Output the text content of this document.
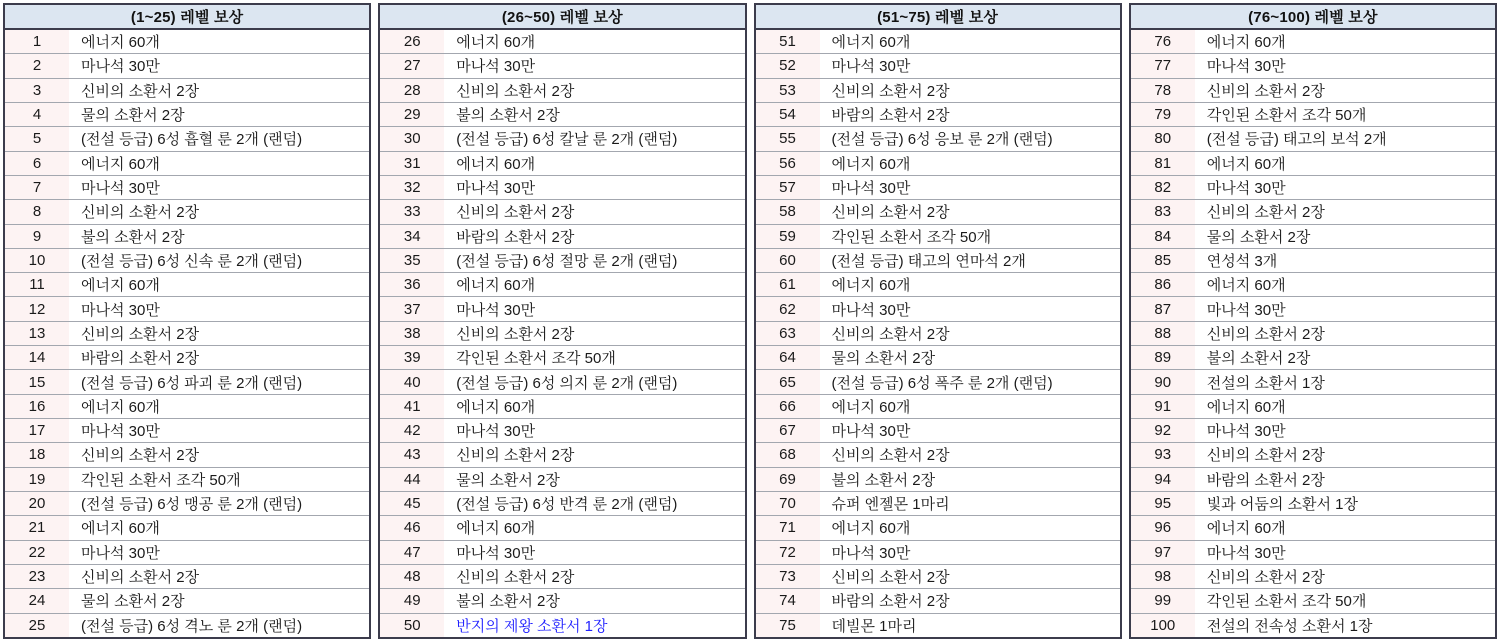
(1~25) 레벨 보상
1	에너지 60개
2	마나석 30만
3	신비의 소환서 2장
4	물의 소환서 2장
5	(전설 등급) 6성 흡혈 룬 2개 (랜덤)
6	에너지 60개
7	마나석 30만
8	신비의 소환서 2장
9	불의 소환서 2장
10	(전설 등급) 6성 신속 룬 2개 (랜덤)
11	에너지 60개
12	마나석 30만
13	신비의 소환서 2장
14	바람의 소환서 2장
15	(전설 등급) 6성 파괴 룬 2개 (랜덤)
16	에너지 60개
17	마나석 30만
18	신비의 소환서 2장
19	각인된 소환서 조각 50개
20	(전설 등급) 6성 맹공 룬 2개 (랜덤)
21	에너지 60개
22	마나석 30만
23	신비의 소환서 2장
24	물의 소환서 2장
25	(전설 등급) 6성 격노 룬 2개 (랜덤)
(26~50) 레벨 보상
26	에너지 60개
27	마나석 30만
28	신비의 소환서 2장
29	불의 소환서 2장
30	(전설 등급) 6성 칼날 룬 2개 (랜덤)
31	에너지 60개
32	마나석 30만
33	신비의 소환서 2장
34	바람의 소환서 2장
35	(전설 등급) 6성 절망 룬 2개 (랜덤)
36	에너지 60개
37	마나석 30만
38	신비의 소환서 2장
39	각인된 소환서 조각 50개
40	(전설 등급) 6성 의지 룬 2개 (랜덤)
41	에너지 60개
42	마나석 30만
43	신비의 소환서 2장
44	물의 소환서 2장
45	(전설 등급) 6성 반격 룬 2개 (랜덤)
46	에너지 60개
47	마나석 30만
48	신비의 소환서 2장
49	불의 소환서 2장
50	반지의 제왕 소환서 1장
(51~75) 레벨 보상
51	에너지 60개
52	마나석 30만
53	신비의 소환서 2장
54	바람의 소환서 2장
55	(전설 등급) 6성 응보 룬 2개 (랜덤)
56	에너지 60개
57	마나석 30만
58	신비의 소환서 2장
59	각인된 소환서 조각 50개
60	(전설 등급) 태고의 연마석 2개
61	에너지 60개
62	마나석 30만
63	신비의 소환서 2장
64	물의 소환서 2장
65	(전설 등급) 6성 폭주 룬 2개 (랜덤)
66	에너지 60개
67	마나석 30만
68	신비의 소환서 2장
69	불의 소환서 2장
70	슈퍼 엔젤몬 1마리
71	에너지 60개
72	마나석 30만
73	신비의 소환서 2장
74	바람의 소환서 2장
75	데빌몬 1마리
(76~100) 레벨 보상
76	에너지 60개
77	마나석 30만
78	신비의 소환서 2장
79	각인된 소환서 조각 50개
80	(전설 등급) 태고의 보석 2개
81	에너지 60개
82	마나석 30만
83	신비의 소환서 2장
84	물의 소환서 2장
85	연성석 3개
86	에너지 60개
87	마나석 30만
88	신비의 소환서 2장
89	불의 소환서 2장
90	전설의 소환서 1장
91	에너지 60개
92	마나석 30만
93	신비의 소환서 2장
94	바람의 소환서 2장
95	빛과 어둠의 소환서 1장
96	에너지 60개
97	마나석 30만
98	신비의 소환서 2장
99	각인된 소환서 조각 50개
100	전설의 전속성 소환서 1장
